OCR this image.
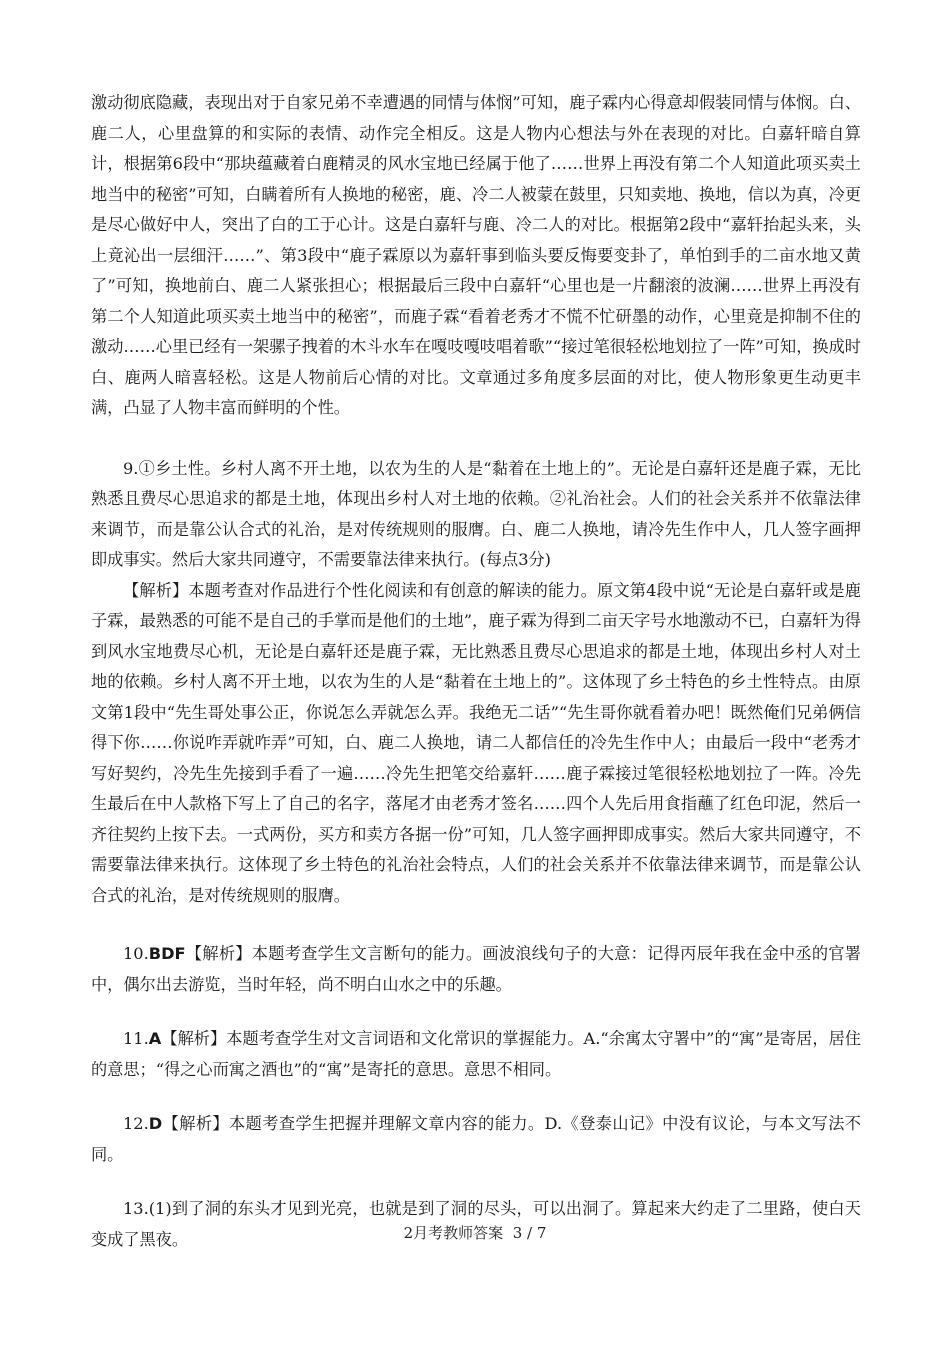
激动彻底隐藏，表现出对于自家兄弟不幸遭遇的同情与体悯”可知，鹿子霖内心得意却假装同情与体悯。白、鹿二人，心里盘算的和实际的表情、动作完全相反。这是人物内心想法与外在表现的对比。白嘉轩暗自算计，根据第6段中“那块蕴藏着白鹿精灵的风水宝地已经属于他了……世界上再没有第二个人知道此项买卖土地当中的秘密”可知，白瞒着所有人换地的秘密，鹿、冷二人被蒙在鼓里，只知卖地、换地，信以为真，冷更是尽心做好中人，突出了白的工于心计。这是白嘉轩与鹿、冷二人的对比。根据第2段中“嘉轩抬起头来，头上竟沁出一层细汗……”、第3段中“鹿子霖原以为嘉轩事到临头要反悔要变卦了，单怕到手的二亩水地又黄了”可知，换地前白、鹿二人紧张担心；根据最后三段中白嘉轩“心里也是一片翻滚的波澜……世界上再没有第二个人知道此项买卖土地当中的秘密”，而鹿子霖“看着老秀才不慌不忙研墨的动作，心里竟是抑制不住的激动……心里已经有一架骡子拽着的木斗水车在嘎吱嘎吱唱着歌”“接过笔很轻松地划拉了一阵”可知，换成时白、鹿两人暗喜轻松。这是人物前后心情的对比。文章通过多角度多层面的对比，使人物形象更生动更丰满，凸显了人物丰富而鲜明的个性。

9.①乡土性。乡村人离不开土地，以农为生的人是“黏着在土地上的”。无论是白嘉轩还是鹿子霖，无比熟悉且费尽心思追求的都是土地，体现出乡村人对土地的依赖。②礼治社会。人们的社会关系并不依靠法律来调节，而是靠公认合式的礼治，是对传统规则的服膺。白、鹿二人换地，请冷先生作中人，几人签字画押即成事实。然后大家共同遵守，不需要靠法律来执行。(每点3分)

【解析】本题考查对作品进行个性化阅读和有创意的解读的能力。原文第4段中说“无论是白嘉轩或是鹿子霖，最熟悉的可能不是自己的手掌而是他们的土地”，鹿子霖为得到二亩天字号水地激动不已，白嘉轩为得到风水宝地费尽心机，无论是白嘉轩还是鹿子霖，无比熟悉且费尽心思追求的都是土地，体现出乡村人对土地的依赖。乡村人离不开土地，以农为生的人是“黏着在土地上的”。这体现了乡土特色的乡土性特点。由原文第1段中“先生哥处事公正，你说怎么弄就怎么弄。我绝无二话”“先生哥你就看着办吧！既然俺们兄弟俩信得下你……你说咋弄就咋弄”可知，白、鹿二人换地，请二人都信任的冷先生作中人；由最后一段中“老秀才写好契约，冷先生先接到手看了一遍……冷先生把笔交给嘉轩……鹿子霖接过笔很轻松地划拉了一阵。冷先生最后在中人款格下写上了自己的名字，落尾才由老秀才签名……四个人先后用食指蘸了红色印泥，然后一齐往契约上按下去。一式两份，买方和卖方各据一份”可知，几人签字画押即成事实。然后大家共同遵守，不需要靠法律来执行。这体现了乡土特色的礼治社会特点，人们的社会关系并不依靠法律来调节，而是靠公认合式的礼治，是对传统规则的服膺。

10.BDF【解析】本题考查学生文言断句的能力。画波浪线句子的大意：记得丙辰年我在金中丞的官署中，偶尔出去游览，当时年轻，尚不明白山水之中的乐趣。

11.A【解析】本题考查学生对文言词语和文化常识的掌握能力。A.“余寓太守署中”的“寓”是寄居，居住的意思；“得之心而寓之酒也”的“寓”是寄托的意思。意思不相同。

12.D【解析】本题考查学生把握并理解文章内容的能力。D.《登泰山记》中没有议论，与本文写法不同。

13.(1)到了洞的东头才见到光亮，也就是到了洞的尽头，可以出洞了。算起来大约走了二里路，使白天变成了黑夜。	2月考教师答案 3 / 7
